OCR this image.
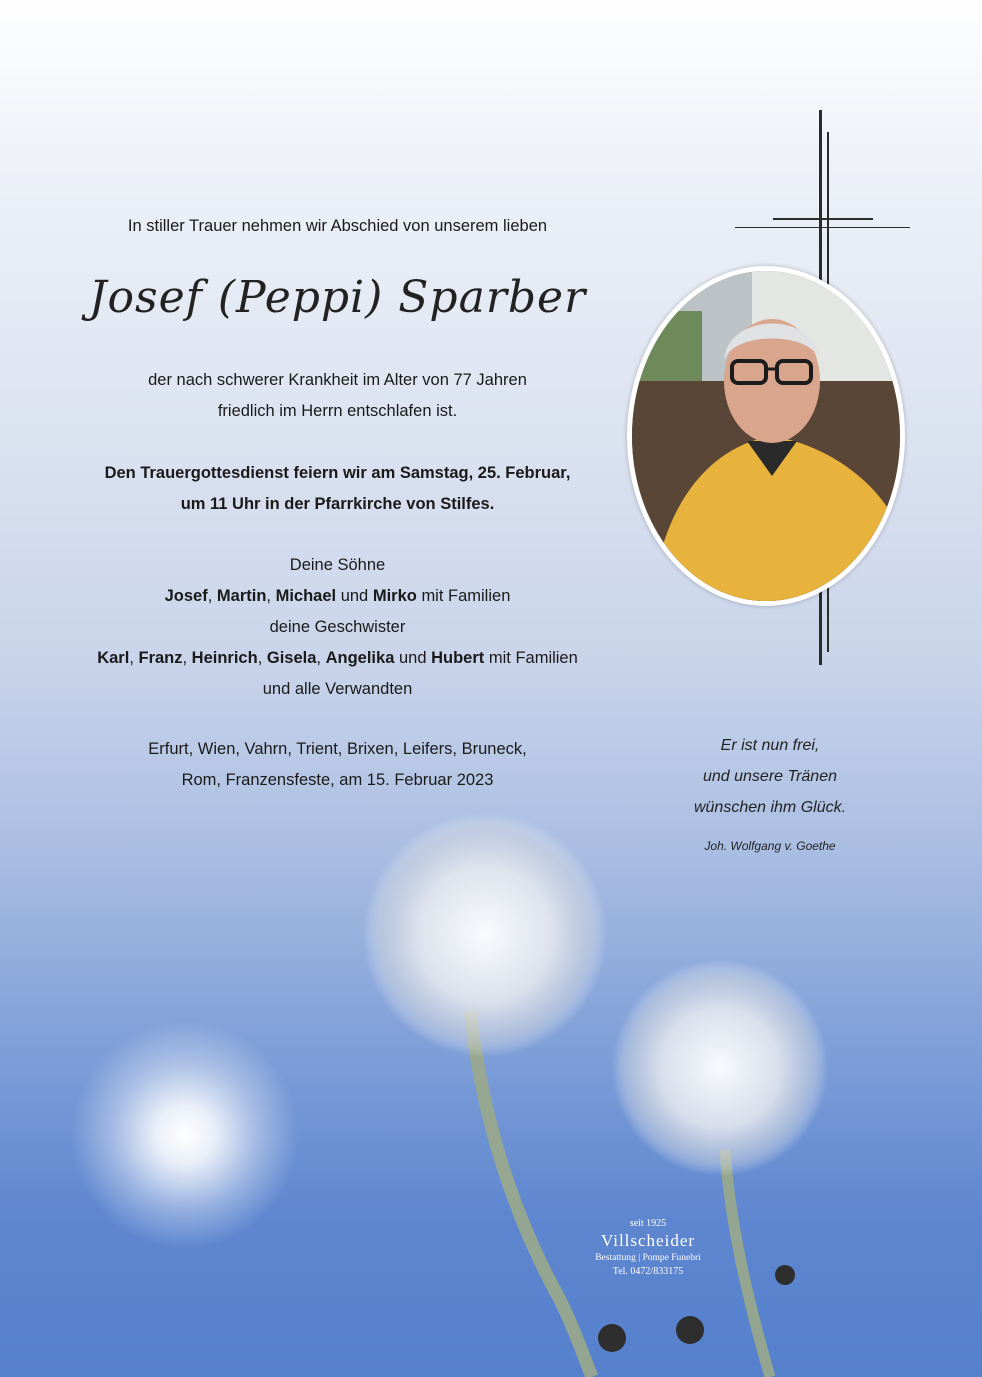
In stiller Trauer nehmen wir Abschied von unserem lieben
Josef (Peppi) Sparber
der nach schwerer Krankheit im Alter von 77 Jahren
friedlich im Herrn entschlafen ist.
Den Trauergottesdienst feiern wir am Samstag, 25. Februar,
um 11 Uhr in der Pfarrkirche von Stilfes.
Deine Söhne
Josef, Martin, Michael und Mirko mit Familien
deine Geschwister
Karl, Franz, Heinrich, Gisela, Angelika und Hubert mit Familien
und alle Verwandten
Erfurt, Wien, Vahrn, Trient, Brixen, Leifers, Bruneck,
Rom, Franzensfeste, am 15. Februar 2023
Er ist nun frei,
und unsere Tränen
wünschen ihm Glück.
Joh. Wolfgang v. Goethe
seit 1925
Villscheider
Bestattung | Pompe Funebri
Tel. 0472/833175
